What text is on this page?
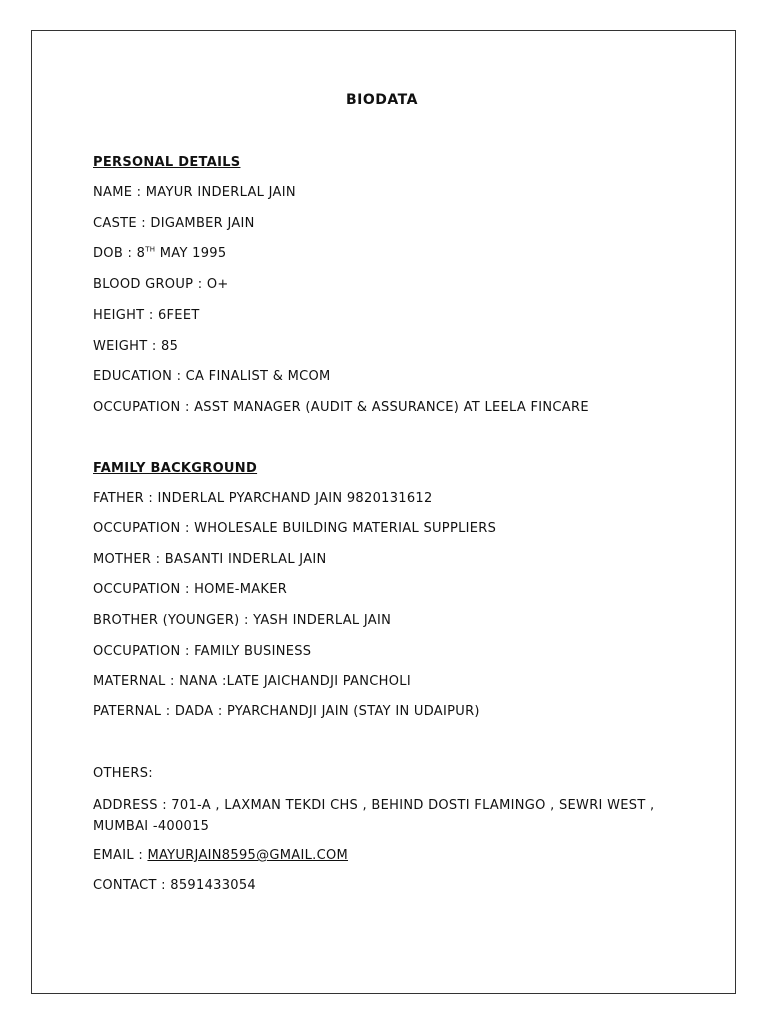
BIODATA
PERSONAL DETAILS
NAME : MAYUR INDERLAL JAIN
CASTE : DIGAMBER JAIN
DOB : 8TH MAY 1995
BLOOD GROUP : O+
HEIGHT : 6FEET
WEIGHT : 85
EDUCATION : CA FINALIST & MCOM
OCCUPATION : ASST MANAGER (AUDIT & ASSURANCE) AT LEELA FINCARE
FAMILY BACKGROUND
FATHER : INDERLAL PYARCHAND JAIN 9820131612
OCCUPATION : WHOLESALE BUILDING MATERIAL SUPPLIERS
MOTHER : BASANTI INDERLAL JAIN
OCCUPATION : HOME-MAKER
BROTHER (YOUNGER) : YASH INDERLAL JAIN
OCCUPATION : FAMILY BUSINESS
MATERNAL : NANA :LATE JAICHANDJI PANCHOLI
PATERNAL : DADA : PYARCHANDJI JAIN (STAY IN UDAIPUR)
OTHERS:
ADDRESS : 701-A , LAXMAN TEKDI CHS , BEHIND DOSTI FLAMINGO , SEWRI WEST , MUMBAI -400015
EMAIL : MAYURJAIN8595@GMAIL.COM
CONTACT : 8591433054
